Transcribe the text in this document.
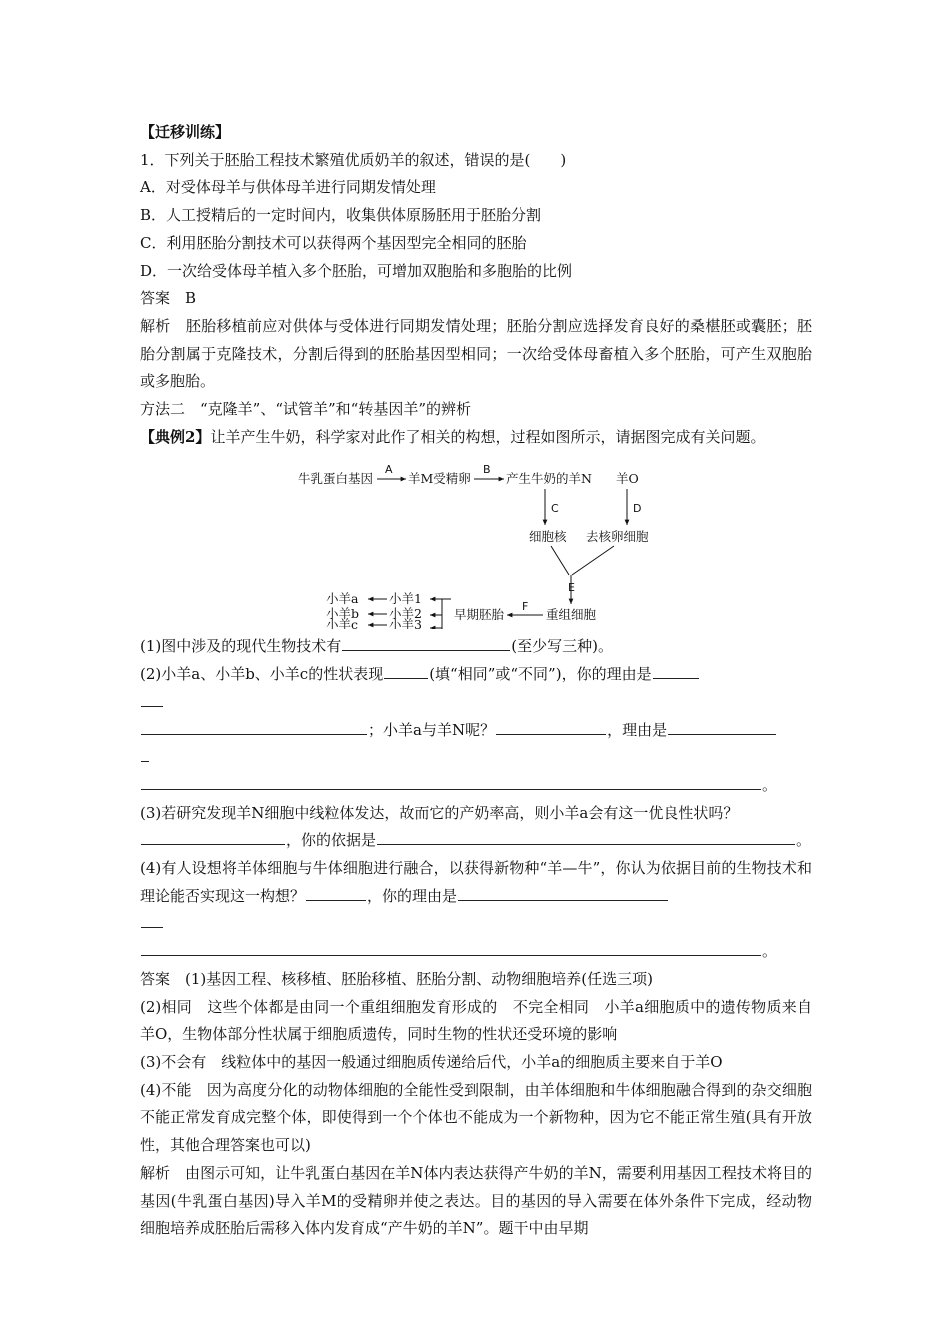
【迁移训练】
1．下列关于胚胎工程技术繁殖优质奶羊的叙述，错误的是(　　)
A．对受体母羊与供体母羊进行同期发情处理
B．人工授精后的一定时间内，收集供体原肠胚用于胚胎分割
C．利用胚胎分割技术可以获得两个基因型完全相同的胚胎
D．一次给受体母羊植入多个胚胎，可增加双胞胎和多胞胎的比例
答案　B
解析　胚胎移植前应对供体与受体进行同期发情处理；胚胎分割应选择发育良好的桑椹胚或囊胚；胚胎分割属于克隆技术，分割后得到的胚胎基因型相同；一次给受体母畜植入多个胚胎，可产生双胞胎或多胞胎。
方法二　“克隆羊”、“试管羊”和“转基因羊”的辨析
【典例2】让羊产生牛奶，科学家对此作了相关的构想，过程如图所示，请据图完成有关问题。
牛乳蛋白基因
A
羊M受精卵
B
产生牛奶的羊N 羊O
C	D
细胞核 去核卵细胞
E
重组细胞
F
早期胚胎
小羊1
小羊2
小羊3
小羊a
小羊b
小羊c
(1)图中涉及的现代生物技术有	(至少写三种)。
(2)小羊a、小羊b、小羊c的性状表现	(填“相同”或“不同”)，你的理由是
；小羊a与羊N呢？	，理由是
。
(3)若研究发现羊N细胞中线粒体发达，故而它的产奶率高，则小羊a会有这一优良性状吗？
，你的依据是	。
(4)有人设想将羊体细胞与牛体细胞进行融合，以获得新物种“羊—牛”，你认为依据目前的生物技术和理论能否实现这一构想？	，你的理由是
。
答案　(1)基因工程、核移植、胚胎移植、胚胎分割、动物细胞培养(任选三项)
(2)相同　这些个体都是由同一个重组细胞发育形成的　不完全相同　小羊a细胞质中的遗传物质来自羊O，生物体部分性状属于细胞质遗传，同时生物的性状还受环境的影响
(3)不会有　线粒体中的基因一般通过细胞质传递给后代，小羊a的细胞质主要来自于羊O
(4)不能　因为高度分化的动物体细胞的全能性受到限制，由羊体细胞和牛体细胞融合得到的杂交细胞不能正常发育成完整个体，即使得到一个个体也不能成为一个新物种，因为它不能正常生殖(具有开放性，其他合理答案也可以)
解析　由图示可知，让牛乳蛋白基因在羊N体内表达获得产牛奶的羊N，需要利用基因工程技术将目的基因(牛乳蛋白基因)导入羊M的受精卵并使之表达。目的基因的导入需要在体外条件下完成，经动物细胞培养成胚胎后需移入体内发育成“产牛奶的羊N”。题干中由早期
